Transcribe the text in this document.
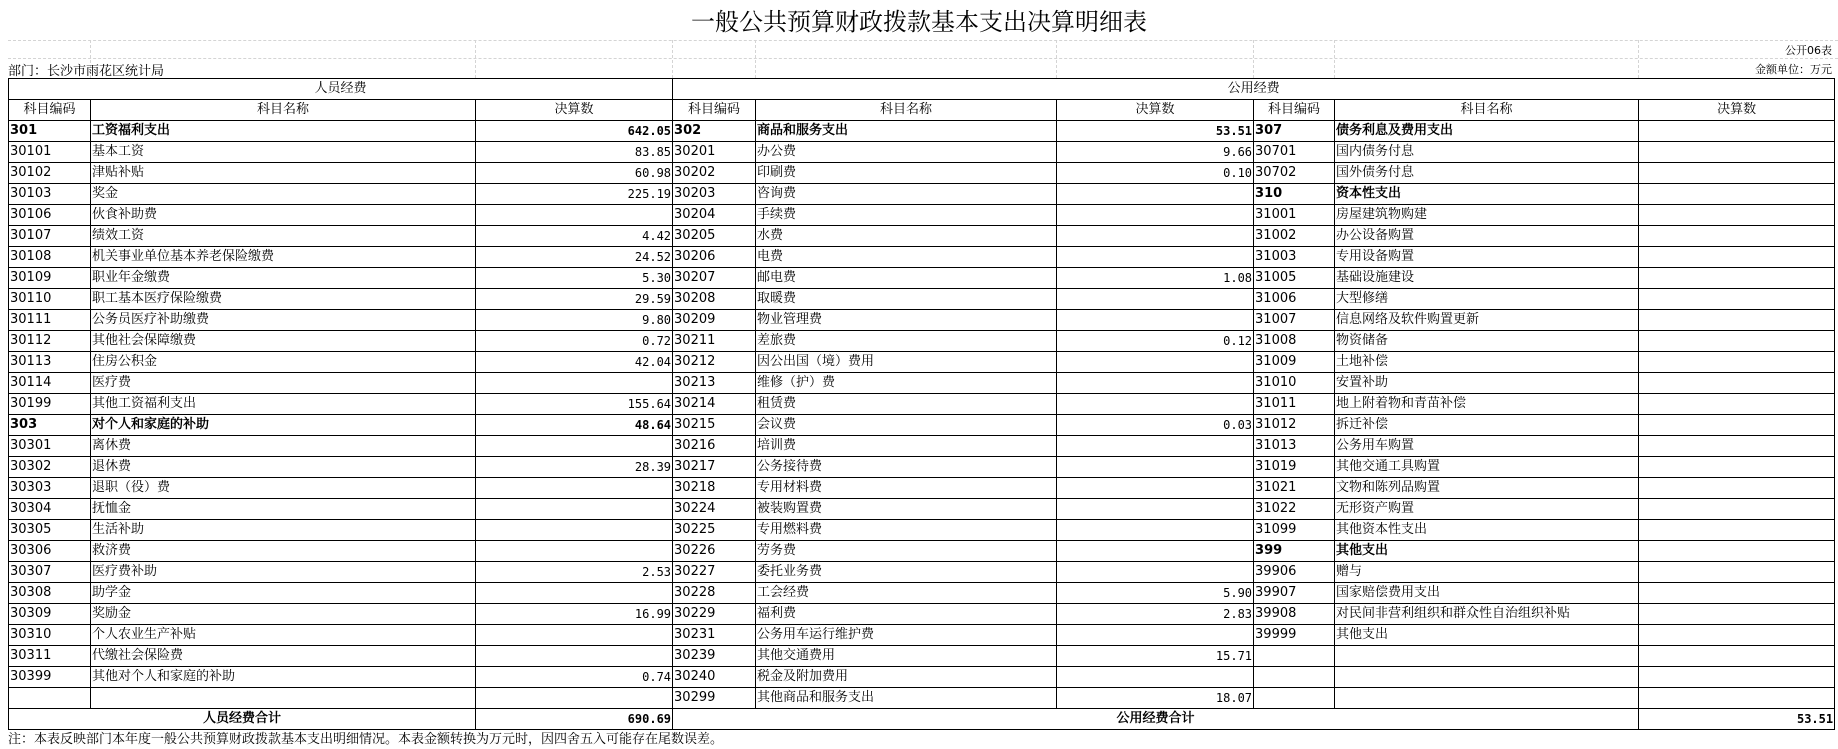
一般公共预算财政拨款基本支出决算明细表
公开06表
部门：长沙市雨花区统计局	金额单位：万元
人员经费			公用经费					
科目编码	科目名称	决算数	科目编码	科目名称	决算数	科目编码	科目名称	决算数
301	工资福利支出	642.05	302	商品和服务支出	53.51	307	债务利息及费用支出	
30101	基本工资	83.85	30201	办公费	9.66	30701	国内债务付息	
30102	津贴补贴	60.98	30202	印刷费	0.10	30702	国外债务付息	
30103	奖金	225.19	30203	咨询费		310	资本性支出	
30106	伙食补助费		30204	手续费		31001	房屋建筑物购建	
30107	绩效工资	4.42	30205	水费		31002	办公设备购置	
30108	机关事业单位基本养老保险缴费	24.52	30206	电费		31003	专用设备购置	
30109	职业年金缴费	5.30	30207	邮电费	1.08	31005	基础设施建设	
30110	职工基本医疗保险缴费	29.59	30208	取暖费		31006	大型修缮	
30111	公务员医疗补助缴费	9.80	30209	物业管理费		31007	信息网络及软件购置更新	
30112	其他社会保障缴费	0.72	30211	差旅费	0.12	31008	物资储备	
30113	住房公积金	42.04	30212	因公出国（境）费用		31009	土地补偿	
30114	医疗费		30213	维修（护）费		31010	安置补助	
30199	其他工资福利支出	155.64	30214	租赁费		31011	地上附着物和青苗补偿	
303	对个人和家庭的补助	48.64	30215	会议费	0.03	31012	拆迁补偿	
30301	离休费		30216	培训费		31013	公务用车购置	
30302	退休费	28.39	30217	公务接待费		31019	其他交通工具购置	
30303	退职（役）费		30218	专用材料费		31021	文物和陈列品购置	
30304	抚恤金		30224	被装购置费		31022	无形资产购置	
30305	生活补助		30225	专用燃料费		31099	其他资本性支出	
30306	救济费		30226	劳务费		399	其他支出	
30307	医疗费补助	2.53	30227	委托业务费		39906	赠与	
30308	助学金		30228	工会经费	5.90	39907	国家赔偿费用支出	
30309	奖励金	16.99	30229	福利费	2.83	39908	对民间非营利组织和群众性自治组织补贴	
30310	个人农业生产补贴		30231	公务用车运行维护费		39999	其他支出	
30311	代缴社会保险费		30239	其他交通费用	15.71			
30399	其他对个人和家庭的补助	0.74	30240	税金及附加费用				
			30299	其他商品和服务支出	18.07			
人员经费合计		690.69	公用经费合计					53.51
注：本表反映部门本年度一般公共预算财政拨款基本支出明细情况。本表金额转换为万元时，因四舍五入可能存在尾数误差。
